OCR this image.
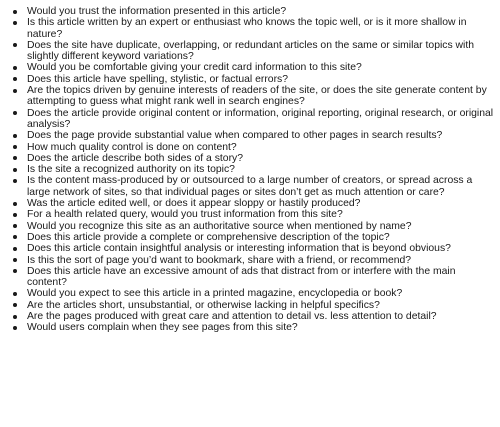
Would you trust the information presented in this article?
Is this article written by an expert or enthusiast who knows the topic well, or is it more shallow in nature?
Does the site have duplicate, overlapping, or redundant articles on the same or similar topics with slightly different keyword variations?
Would you be comfortable giving your credit card information to this site?
Does this article have spelling, stylistic, or factual errors?
Are the topics driven by genuine interests of readers of the site, or does the site generate content by attempting to guess what might rank well in search engines?
Does the article provide original content or information, original reporting, original research, or original analysis?
Does the page provide substantial value when compared to other pages in search results?
How much quality control is done on content?
Does the article describe both sides of a story?
Is the site a recognized authority on its topic?
Is the content mass-produced by or outsourced to a large number of creators, or spread across a large network of sites, so that individual pages or sites don’t get as much attention or care?
Was the article edited well, or does it appear sloppy or hastily produced?
For a health related query, would you trust information from this site?
Would you recognize this site as an authoritative source when mentioned by name?
Does this article provide a complete or comprehensive description of the topic?
Does this article contain insightful analysis or interesting information that is beyond obvious?
Is this the sort of page you’d want to bookmark, share with a friend, or recommend?
Does this article have an excessive amount of ads that distract from or interfere with the main content?
Would you expect to see this article in a printed magazine, encyclopedia or book?
Are the articles short, unsubstantial, or otherwise lacking in helpful specifics?
Are the pages produced with great care and attention to detail vs. less attention to detail?
Would users complain when they see pages from this site?
